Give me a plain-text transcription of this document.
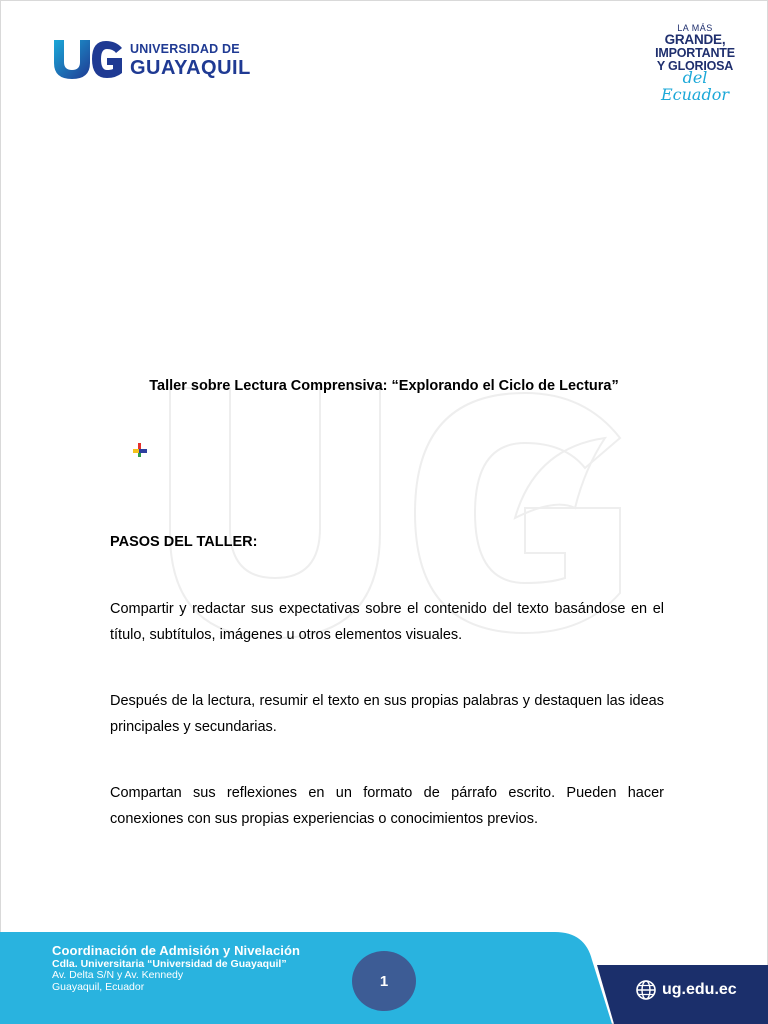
UNIVERSIDAD DE
GUAYAQUIL
LA MÁS
GRANDE,
IMPORTANTE
Y GLORIOSA
del Ecuador
Taller sobre Lectura Comprensiva: “Explorando el Ciclo de Lectura”
PASOS DEL TALLER:
Compartir y redactar sus expectativas sobre el contenido del texto basándose en el título, subtítulos, imágenes u otros elementos visuales.
Después de la lectura, resumir el texto en sus propias palabras y destaquen las ideas principales y secundarias.
Compartan sus reflexiones en un formato de párrafo escrito. Pueden hacer conexiones con sus propias experiencias o conocimientos previos.
Coordinación de Admisión y Nivelación
Cdla. Universitaria “Universidad de Guayaquil”
Av. Delta S/N y Av. Kennedy
Guayaquil, Ecuador	1	ug.edu.ec
